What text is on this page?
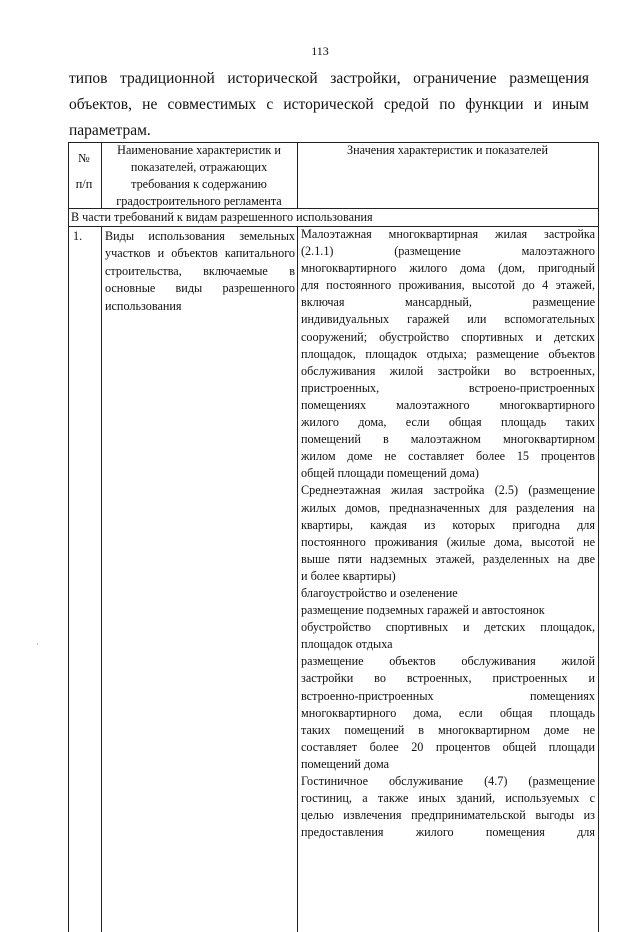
113
типов традиционной исторической застройки, ограничение размещения
объектов, не совместимых с исторической средой по функции и иным
параметрам.
№ п/п
Наименование характеристик и показателей, отражающих требования к содержанию градостроительного регламента
Значения характеристик и показателей
В части требований к видам разрешенного использования
1. Виды использования земельных участков и объектов капитального строительства, включаемые в основные виды разрешенного использования
Малоэтажная многоквартирная жилая застройка
(2.1.1) (размещение малоэтажного
многоквартирного жилого дома (дом, пригодный
для постоянного проживания, высотой до 4 этажей,
включая мансардный, размещение
индивидуальных гаражей или вспомогательных
сооружений; обустройство спортивных и детских
площадок, площадок отдыха; размещение объектов
обслуживания жилой застройки во встроенных,
пристроенных, встроено-пристроенных
помещениях малоэтажного многоквартирного
жилого дома, если общая площадь таких
помещений в малоэтажном многоквартирном
жилом доме не составляет более 15 процентов
общей площади помещений дома)
Среднеэтажная жилая застройка (2.5) (размещение
жилых домов, предназначенных для разделения на
квартиры, каждая из которых пригодна для
постоянного проживания (жилые дома, высотой не
выше пяти надземных этажей, разделенных на две
и более квартиры)
благоустройство и озеленение
размещение подземных гаражей и автостоянок
обустройство спортивных и детских площадок,
площадок отдыха
размещение объектов обслуживания жилой
застройки во встроенных, пристроенных и
встроенно-пристроенных помещениях
многоквартирного дома, если общая площадь
таких помещений в многоквартирном доме не
составляет более 20 процентов общей площади
помещений дома
Гостиничное обслуживание (4.7) (размещение
гостиниц, а также иных зданий, используемых с
целью извлечения предпринимательской выгоды из
предоставления жилого помещения для
·
